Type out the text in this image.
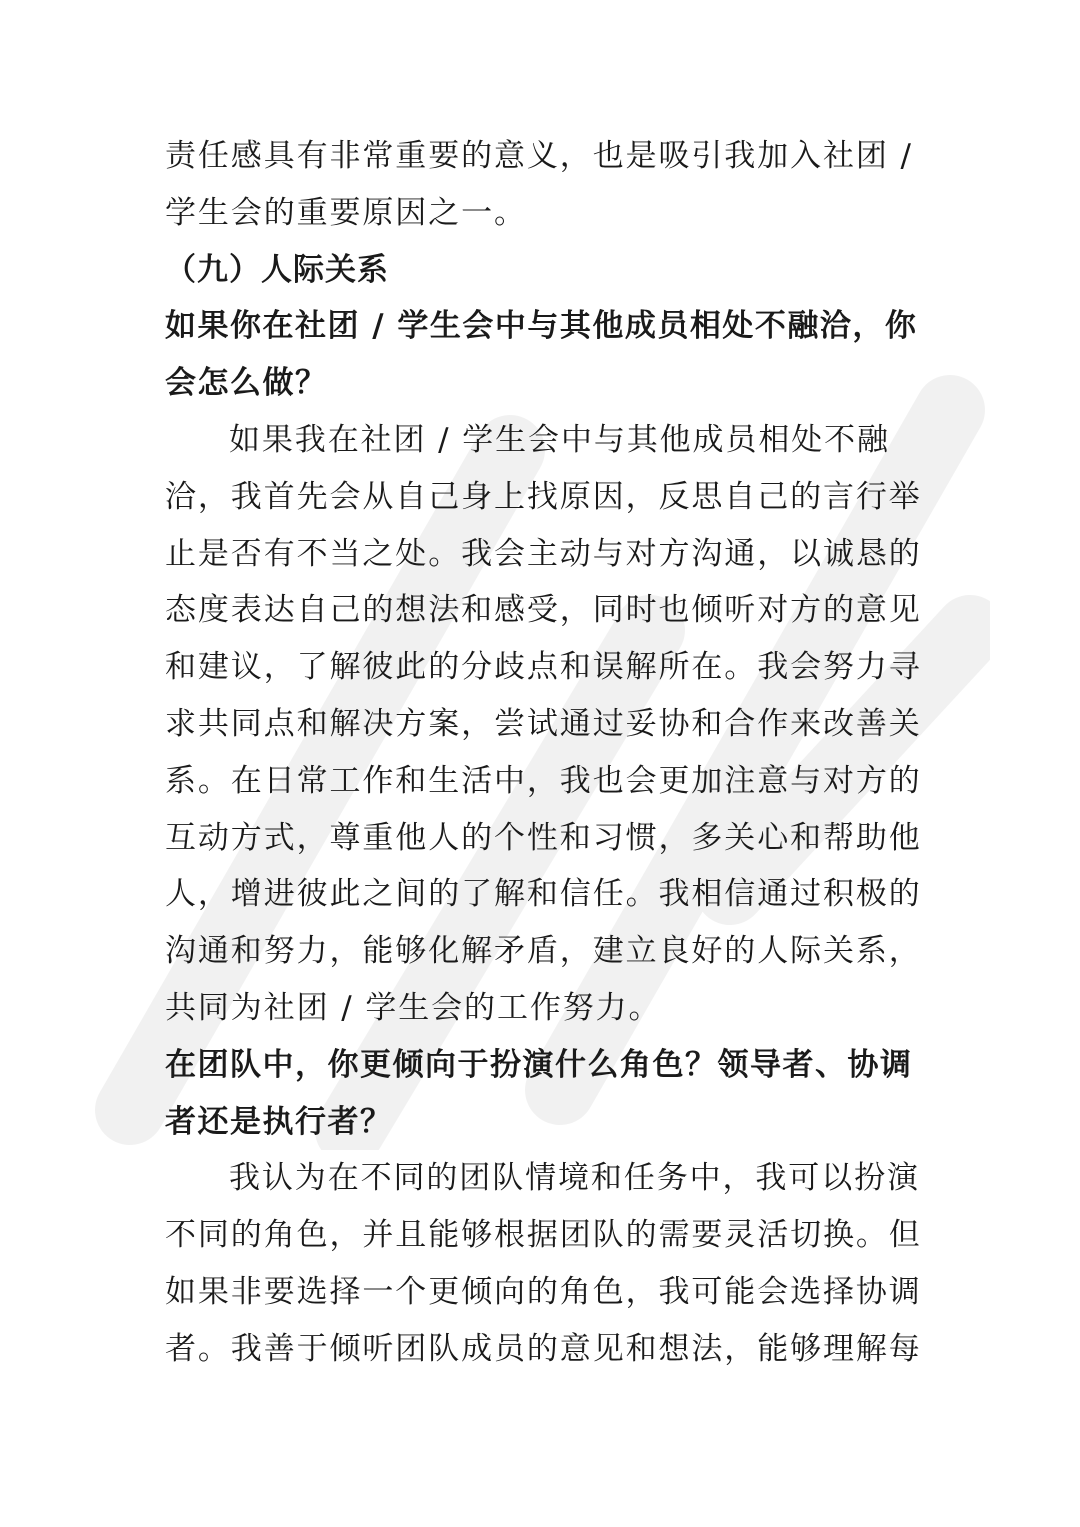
责任感具有非常重要的意义，也是吸引我加入社团 /
学生会的重要原因之一。
（九）人际关系
如果你在社团 / 学生会中与其他成员相处不融洽，你
会怎么做？
如果我在社团 / 学生会中与其他成员相处不融
洽，我首先会从自己身上找原因，反思自己的言行举
止是否有不当之处。我会主动与对方沟通，以诚恳的
态度表达自己的想法和感受，同时也倾听对方的意见
和建议，了解彼此的分歧点和误解所在。我会努力寻
求共同点和解决方案，尝试通过妥协和合作来改善关
系。在日常工作和生活中，我也会更加注意与对方的
互动方式，尊重他人的个性和习惯，多关心和帮助他
人，增进彼此之间的了解和信任。我相信通过积极的
沟通和努力，能够化解矛盾，建立良好的人际关系，
共同为社团 / 学生会的工作努力。
在团队中，你更倾向于扮演什么角色？领导者、协调
者还是执行者？
我认为在不同的团队情境和任务中，我可以扮演
不同的角色，并且能够根据团队的需要灵活切换。但
如果非要选择一个更倾向的角色，我可能会选择协调
者。我善于倾听团队成员的意见和想法，能够理解每
